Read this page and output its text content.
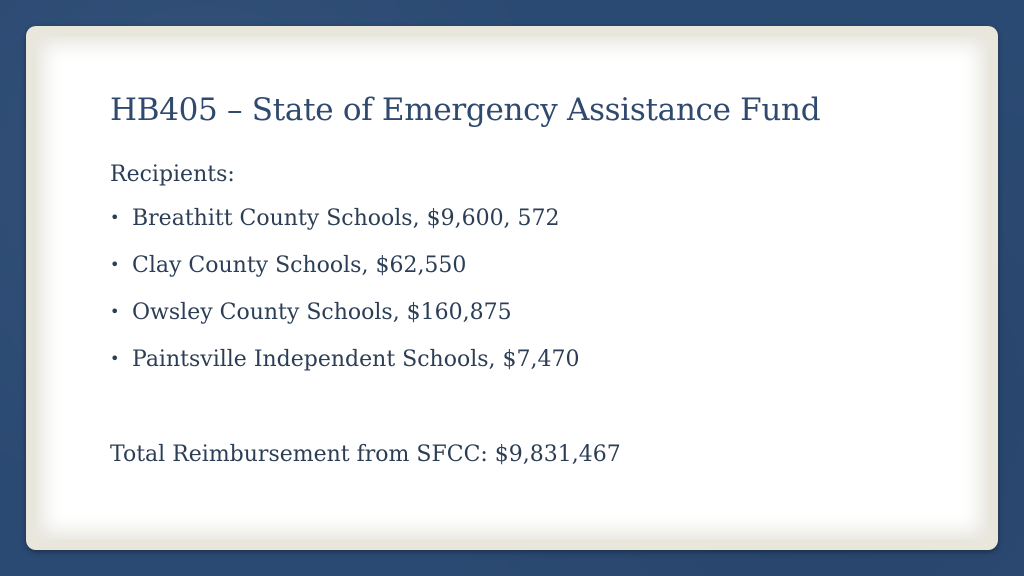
HB405 – State of Emergency Assistance Fund
Recipients:
• Breathitt County Schools, $9,600, 572
• Clay County Schools, $62,550
• Owsley County Schools, $160,875
• Paintsville Independent Schools, $7,470
Total Reimbursement from SFCC: $9,831,467
